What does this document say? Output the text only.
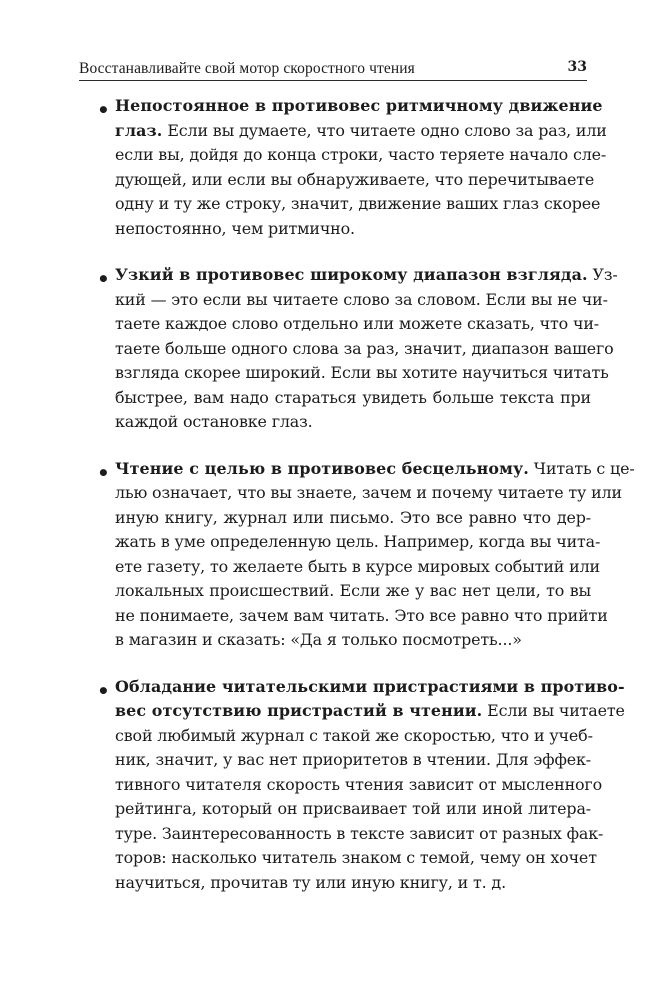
Восстанавливайте свой мотор скоростного чтения	33
• Непостоянное в противовес ритмичному движение
глаз. Если вы думаете, что читаете одно слово за раз, или
если вы, дойдя до конца строки, часто теряете начало сле-
дующей, или если вы обнаруживаете, что перечитываете
одну и ту же строку, значит, движение ваших глаз скорее
непостоянно, чем ритмично.
• Узкий в противовес широкому диапазон взгляда. Уз-
кий — это если вы читаете слово за словом. Если вы не чи-
таете каждое слово отдельно или можете сказать, что чи-
таете больше одного слова за раз, значит, диапазон вашего
взгляда скорее широкий. Если вы хотите научиться читать
быстрее, вам надо стараться увидеть больше текста при
каждой остановке глаз.
• Чтение с целью в противовес бесцельному. Читать с це-
лью означает, что вы знаете, зачем и почему читаете ту или
иную книгу, журнал или письмо. Это все равно что дер-
жать в уме определенную цель. Например, когда вы чита-
ете газету, то желаете быть в курсе мировых событий или
локальных происшествий. Если же у вас нет цели, то вы
не понимаете, зачем вам читать. Это все равно что прийти
в магазин и сказать: «Да я только посмотреть...»
• Обладание читательскими пристрастиями в противо-
вес отсутствию пристрастий в чтении. Если вы читаете
свой любимый журнал с такой же скоростью, что и учеб-
ник, значит, у вас нет приоритетов в чтении. Для эффек-
тивного читателя скорость чтения зависит от мысленного
рейтинга, который он присваивает той или иной литера-
туре. Заинтересованность в тексте зависит от разных фак-
торов: насколько читатель знаком с темой, чему он хочет
научиться, прочитав ту или иную книгу, и т. д.
